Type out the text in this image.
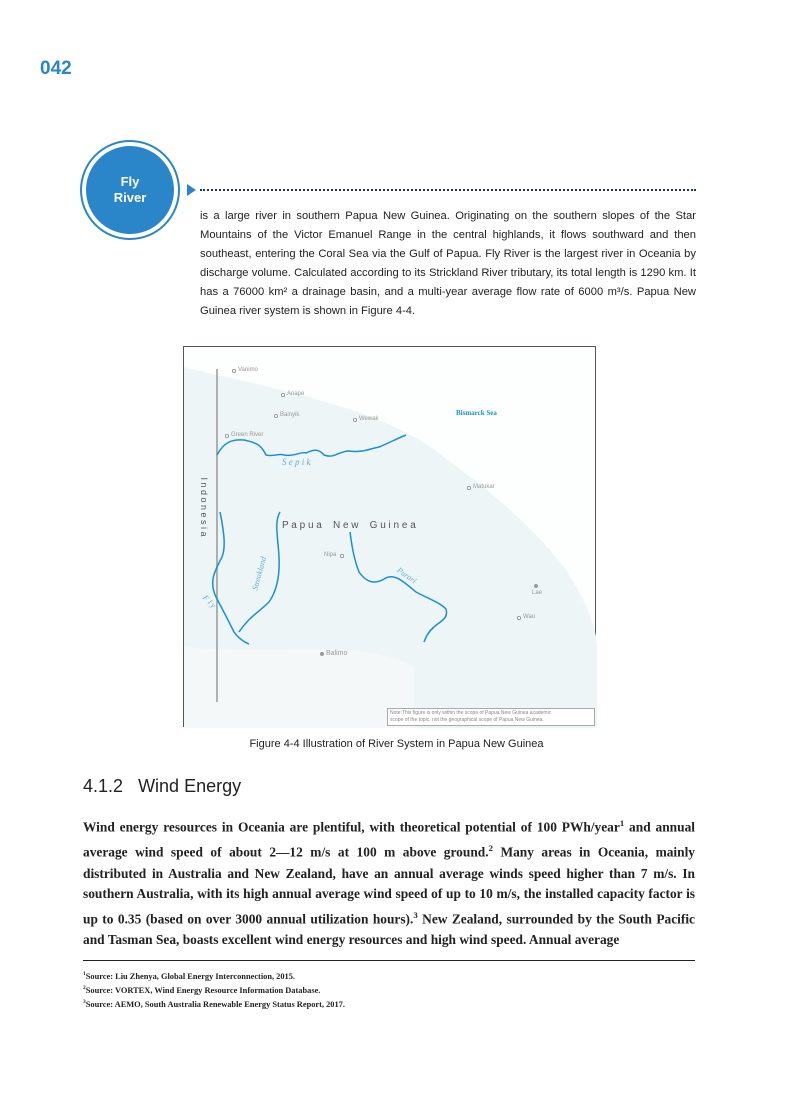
042
Fly
River
is a large river in southern Papua New Guinea. Originating on the southern slopes of the Star Mountains of the Victor Emanuel Range in the central highlands, it flows southward and then southeast, entering the Coral Sea via the Gulf of Papua. Fly River is the largest river in Oceania by discharge volume. Calculated according to its Strickland River tributary, its total length is 1290 km. It has a 76000 km² a drainage basin, and a multi-year average flow rate of 6000 m³/s. Papua New Guinea river system is shown in Figure 4-4.
Vanimo
Anape
Bainyik
Wewak
Green River
Matukar
Nipa
Lae
Wau
Balimo
Bismarck Sea
P a p u a    N e w    G u i n e a
I n d o n e s i a
S e p i k
Streakland	Purari
F l y
Note:This figure is only within the scope of Papua New Guinea academic
scope of the topic, not the geographical scope of Papua New Guinea.
Figure 4-4 Illustration of River System in Papua New Guinea
4.1.2 Wind Energy
Wind energy resources in Oceania are plentiful, with theoretical potential of 100 PWh/year$^1$ and annual average wind speed of about 2—12 m/s at 100 m above ground.$^2$ Many areas in Oceania, mainly distributed in Australia and New Zealand, have an annual average winds speed higher than 7 m/s. In southern Australia, with its high annual average wind speed of up to 10 m/s, the installed capacity factor is up to 0.35 (based on over 3000 annual utilization hours).$^3$ New Zealand, surrounded by the South Pacific and Tasman Sea, boasts excellent wind energy resources and high wind speed. Annual average
$^1$Source: Liu Zhenya, Global Energy Interconnection, 2015.
$^2$Source: VORTEX, Wind Energy Resource Information Database.
$^3$Source: AEMO, South Australia Renewable Energy Status Report, 2017.
